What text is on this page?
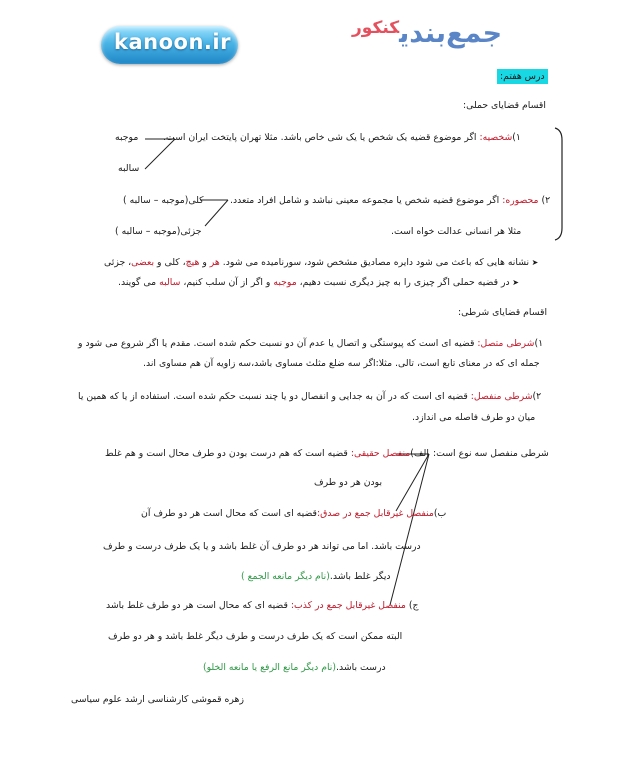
kanoon.ir	جمع‌بندیکنکور
درس هفتم:
اقسام قضایای حملی:
۱)شخصیه: اگر موضوع قضیه یک شخص یا یک شی خاص باشد. مثلا تهران پایتخت ایران است.
موجبه
سالبه
۲) محصوره: اگر موضوع قضیه شخص یا مجموعه معینی نباشد و شامل افراد متعدد.
کلی(موجبه – سالبه )
جزئی(موجبه – سالبه )	مثلا هر انسانی عدالت خواه است.
➤ نشانه هایی که باعث می شود دایره مصادیق مشخص شود، سورنامیده می شود. هر و هیچ، کلی و بعضی، جزئی
➤ در قضیه حملی اگر چیزی را به چیز دیگری نسبت دهیم، موجبه و اگر از آن سلب کنیم، سالبه می گویند.
اقسام قضایای شرطی:
۱)شرطی متصل: قضیه ای است که پیوستگی و اتصال یا عدم آن دو نسبت حکم شده است. مقدم یا اگر شروع می شود و
جمله ای که در معنای تابع است، تالی. مثلا:اگر سه ضلع مثلث مساوی باشد،سه زاویه آن هم مساوی اند.
۲)شرطی منفصل: قضیه ای است که در آن به جدایی و انفصال دو یا چند نسبت حکم شده است. استفاده از یا که همین یا
میان دو طرف فاصله می اندازد.
شرطی منفصل سه نوع است:
الف)منفصل حقیقی: قضیه است که هم درست بودن دو طرف محال است و هم غلط
بودن هر دو طرف
ب)منفصل غیرقابل جمع در صدق:قضیه ای است که محال است هر دو طرف آن
درست باشد. اما می تواند هر دو طرف آن غلط باشد و یا یک طرف درست و طرف
دیگر غلط باشد.(نام دیگر مانعه الجمع )
ج) منفصل غیرقابل جمع در کذب: قضیه ای که محال است هر دو طرف غلط باشد
البته ممکن است که یک طرف درست و طرف دیگر غلط باشد و هر دو طرف
درست باشد.(نام دیگر مانع الرفع یا مانعه الخلو)
زهره قموشی کارشناسی ارشد علوم سیاسی
